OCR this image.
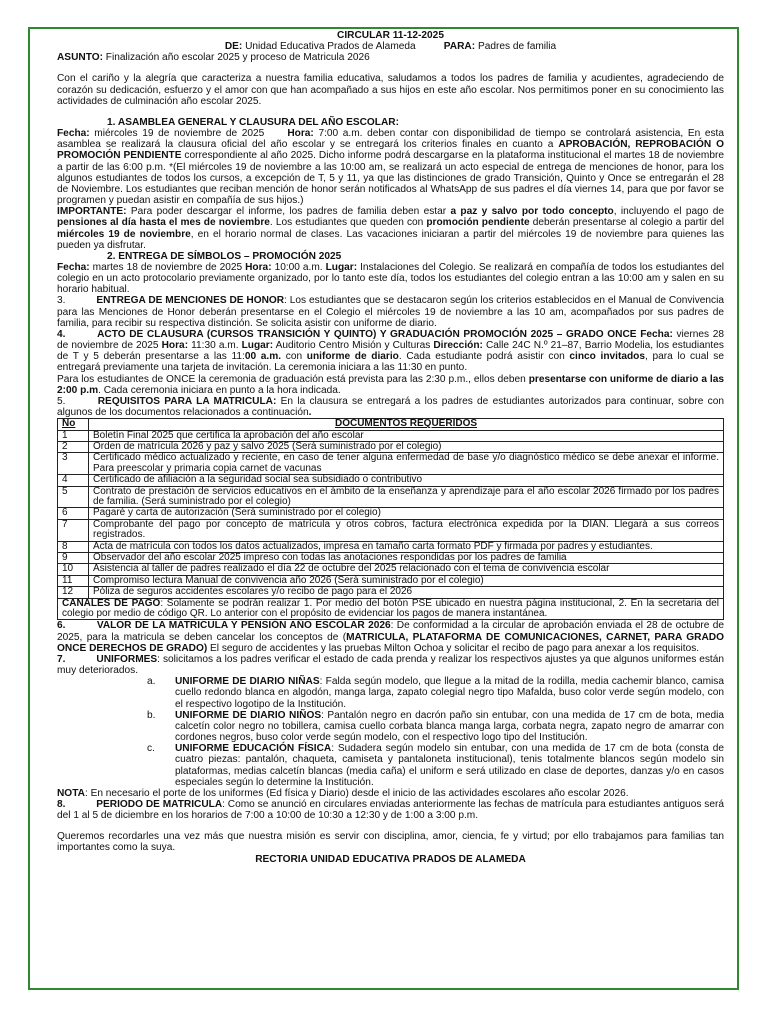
CIRCULAR 11-12-2025

DE: Unidad Educativa Prados de Alameda	PARA: Padres de familia

ASUNTO: Finalización año escolar 2025 y proceso de Matricula 2026

Con el cariño y la alegría que caracteriza a nuestra familia educativa, saludamos a todos los padres de familia y acudientes, agradeciendo de corazón su dedicación, esfuerzo y el amor con que han acompañado a sus hijos en este año escolar. Nos permitimos poner en su conocimiento las actividades de culminación año escolar 2025.

1. ASAMBLEA GENERAL Y CLAUSURA DEL AÑO ESCOLAR:

Fecha: miércoles 19 de noviembre de 2025 Hora: 7:00 a.m. deben contar con disponibilidad de tiempo se controlará asistencia, En esta asamblea se realizará la clausura oficial del año escolar y se entregará los criterios finales en cuanto a APROBACIÓN, REPROBACIÓN O PROMOCIÓN PENDIENTE correspondiente al año 2025. Dicho informe podrá descargarse en la plataforma institucional el martes 18 de noviembre a partir de las 6:00 p.m. *(El miércoles 19 de noviembre a las 10:00 am, se realizará un acto especial de entrega de menciones de honor, para los algunos estudiantes de todos los cursos, a excepción de T, 5 y 11, ya que las distinciones de grado Transición, Quinto y Once se entregarán el 28 de Noviembre. Los estudiantes que reciban mención de honor serán notificados al WhatsApp de sus padres el día viernes 14, para que por favor se programen y puedan asistir en compañía de sus hijos.)

IMPORTANTE: Para poder descargar el informe, los padres de familia deben estar a paz y salvo por todo concepto, incluyendo el pago de pensiones al día hasta el mes de noviembre. Los estudiantes que queden con promoción pendiente deberán presentarse al colegio a partir del miércoles 19 de noviembre, en el horario normal de clases. Las vacaciones iniciaran a partir del miércoles 19 de noviembre para quienes las pueden ya disfrutar.

2. ENTREGA DE SÍMBOLOS – PROMOCIÓN 2025

Fecha: martes 18 de noviembre de 2025 Hora: 10:00 a.m. Lugar: Instalaciones del Colegio. Se realizará en compañía de todos los estudiantes del colegio en un acto protocolario previamente organizado, por lo tanto este día, todos los estudiantes del colegio entran a las 10:00 am y salen en su horario habitual.

3.	ENTREGA DE MENCIONES DE HONOR: Los estudiantes que se destacaron según los criterios establecidos en el Manual de Convivencia para las Menciones de Honor deberán presentarse en el Colegio el miércoles 19 de noviembre a las 10 am, acompañados por sus padres de familia, para recibir su respectiva distinción. Se solicita asistir con uniforme de diario.

4.	ACTO DE CLAUSURA (CURSOS TRANSICIÓN Y QUINTO) Y GRADUACIÓN PROMOCIÓN 2025 – GRADO ONCE Fecha: viernes 28 de noviembre de 2025 Hora: 11:30 a.m. Lugar: Auditorio Centro Misión y Culturas Dirección: Calle 24C N.º 21–87, Barrio Modelia, los estudiantes de T y 5 deberán presentarse a las 11:00 a.m. con uniforme de diario. Cada estudiante podrá asistir con cinco invitados, para lo cual se entregará previamente una tarjeta de invitación. La ceremonia iniciara a las 11:30 en punto.

Para los estudiantes de ONCE la ceremonia de graduación está prevista para las 2:30 p.m., ellos deben presentarse con uniforme de diario a las 2:00 p.m. Cada ceremonia iniciara en punto a la hora indicada.

5.	REQUISITOS PARA LA MATRICULA: En la clausura se entregará a los padres de estudiantes autorizados para continuar, sobre con algunos de los documentos relacionados a continuación.

No	DOCUMENTOS REQUERIDOS
1	Boletín Final 2025 que certifica la aprobación del año escolar
2	Orden de matrícula 2026 y paz y salvo 2025 (Será suministrado por el colegio)
3	Certificado médico actualizado y reciente, en caso de tener alguna enfermedad de base y/o diagnóstico médico se debe anexar el informe. Para preescolar y primaria copia carnet de vacunas
4	Certificado de afiliación a la seguridad social sea subsidiado o contributivo
5	Contrato de prestación de servicios educativos en el ámbito de la enseñanza y aprendizaje para el año escolar 2026 firmado por los padres de familia. (Será suministrado por el colegio)
6	Pagaré y carta de autorización (Será suministrado por el colegio)
7	Comprobante del pago por concepto de matrícula y otros cobros, factura electrónica expedida por la DIAN. Llegará a sus correos registrados.
8	Acta de matrícula con todos los datos actualizados, impresa en tamaño carta formato PDF y firmada por padres y estudiantes.
9	Observador del año escolar 2025 impreso con todas las anotaciones respondidas por los padres de familia
10	Asistencia al taller de padres realizado el día 22 de octubre del 2025 relacionado con el tema de convivencia escolar
11	Compromiso lectura Manual de convivencia año 2026 (Será suministrado por el colegio)
12	Póliza de seguros accidentes escolares y/o recibo de pago para el 2026
CANALES DE PAGO: Solamente se podrán realizar 1. Por medio del botón PSE ubicado en nuestra página institucional, 2. En la secretaria del colegio por medio de código QR. Lo anterior con el propósito de evidenciar los pagos de manera instantánea.	

6.	VALOR DE LA MATRICULA Y PENSIÓN AÑO ESCOLAR 2026: De conformidad a la circular de aprobación enviada el 28 de octubre de 2025, para la matricula se deben cancelar los conceptos de (MATRICULA, PLATAFORMA DE COMUNICACIONES, CARNET, PARA GRADO ONCE DERECHOS DE GRADO) El seguro de accidentes y las pruebas Milton Ochoa y solicitar el recibo de pago para anexar a los requisitos.

7.	UNIFORMES: solicitamos a los padres verificar el estado de cada prenda y realizar los respectivos ajustes ya que algunos uniformes están muy deteriorados.

a.	UNIFORME DE DIARIO NIÑAS: Falda según modelo, que llegue a la mitad de la rodilla, media cachemir blanco, camisa cuello redondo blanca en algodón, manga larga, zapato colegial negro tipo Mafalda, buso color verde según modelo, con el respectivo logotipo de la Institución.
b.	UNIFORME DE DIARIO NIÑOS: Pantalón negro en dacrón paño sin entubar, con una medida de 17 cm de bota, media calcetín color negro no tobillera, camisa cuello corbata blanca manga larga, corbata negra, zapato negro de amarrar con cordones negros, buso color verde según modelo, con el respectivo logo tipo del Institución.
c.	UNIFORME EDUCACIÓN FÍSICA: Sudadera según modelo sin entubar, con una medida de 17 cm de bota (consta de cuatro piezas: pantalón, chaqueta, camiseta y pantaloneta institucional), tenis totalmente blancos según modelo sin plataformas, medias calcetín blancas (media caña) el uniform e será utilizado en clase de deportes, danzas y/o en casos especiales según lo determine la Institución.

NOTA: En necesario el porte de los uniformes (Ed física y Diario) desde el inicio de las actividades escolares año escolar 2026.

8.	PERIODO DE MATRICULA: Como se anunció en circulares enviadas anteriormente las fechas de matrícula para estudiantes antiguos será del 1 al 5 de diciembre en los horarios de 7:00 a 10:00 de 10:30 a 12:30 y de 1:00 a 3:00 p.m.

Queremos recordarles una vez más que nuestra misión es servir con disciplina, amor, ciencia, fe y virtud; por ello trabajamos para familias tan importantes como la suya.

RECTORIA UNIDAD EDUCATIVA PRADOS DE ALAMEDA
